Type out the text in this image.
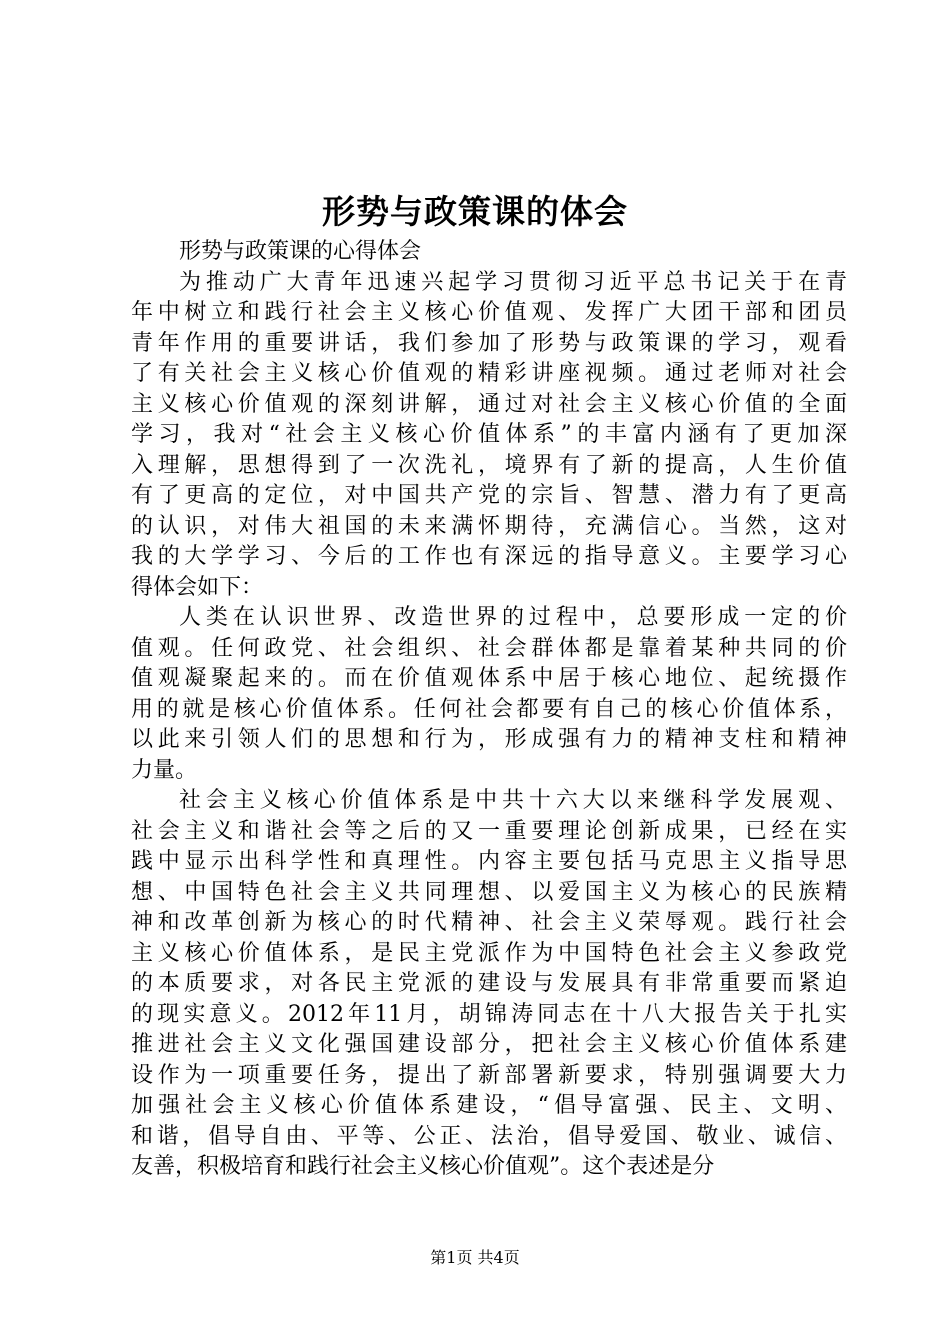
形势与政策课的体会
形势与政策课的心得体会
为推动广大青年迅速兴起学习贯彻习近平总书记关于在青
年中树立和践行社会主义核心价值观、发挥广大团干部和团员
青年作用的重要讲话，我们参加了形势与政策课的学习，观看
了有关社会主义核心价值观的精彩讲座视频。通过老师对社会
主义核心价值观的深刻讲解，通过对社会主义核心价值的全面
学习，我对“社会主义核心价值体系”的丰富内涵有了更加深
入理解，思想得到了一次洗礼，境界有了新的提高，人生价值
有了更高的定位，对中国共产党的宗旨、智慧、潜力有了更高
的认识，对伟大祖国的未来满怀期待，充满信心。当然，这对
我的大学学习、今后的工作也有深远的指导意义。主要学习心
得体会如下：
人类在认识世界、改造世界的过程中，总要形成一定的价
值观。任何政党、社会组织、社会群体都是靠着某种共同的价
值观凝聚起来的。而在价值观体系中居于核心地位、起统摄作
用的就是核心价值体系。任何社会都要有自己的核心价值体系，
以此来引领人们的思想和行为，形成强有力的精神支柱和精神
力量。
社会主义核心价值体系是中共十六大以来继科学发展观、
社会主义和谐社会等之后的又一重要理论创新成果，已经在实
践中显示出科学性和真理性。内容主要包括马克思主义指导思
想、中国特色社会主义共同理想、以爱国主义为核心的民族精
神和改革创新为核心的时代精神、社会主义荣辱观。践行社会
主义核心价值体系，是民主党派作为中国特色社会主义参政党
的本质要求，对各民主党派的建设与发展具有非常重要而紧迫
的现实意义。2012年11月，胡锦涛同志在十八大报告关于扎实
推进社会主义文化强国建设部分，把社会主义核心价值体系建
设作为一项重要任务，提出了新部署新要求，特别强调要大力
加强社会主义核心价值体系建设，“倡导富强、民主、文明、
和谐，倡导自由、平等、公正、法治，倡导爱国、敬业、诚信、
友善，积极培育和践行社会主义核心价值观”。这个表述是分
第1页 共4页
